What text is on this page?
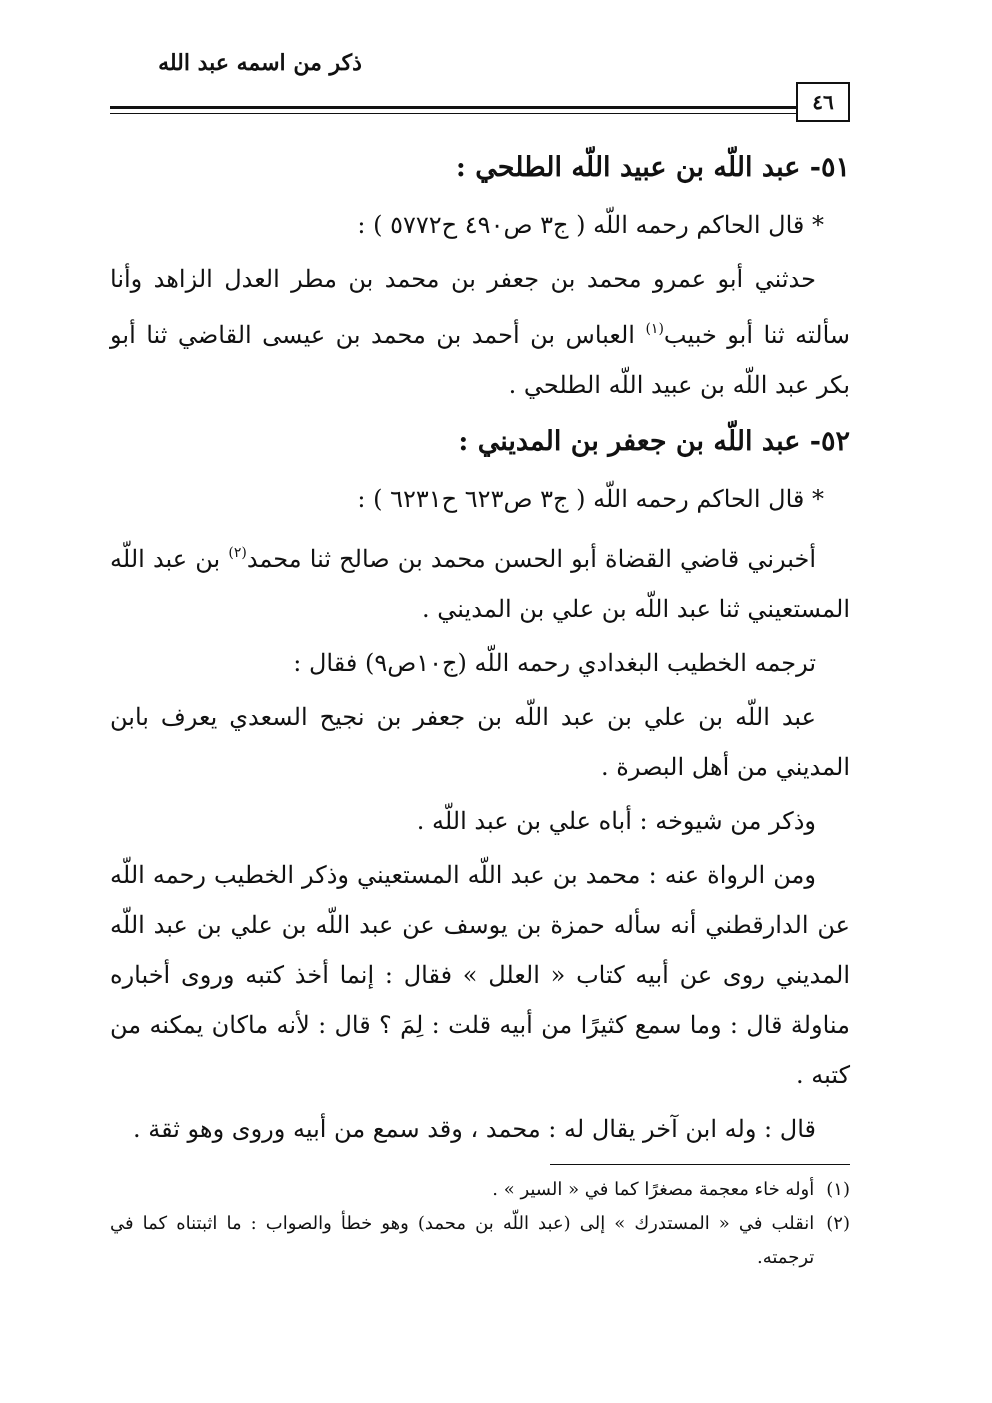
٤٦
ذكر من اسمه عبد الله
٥١- عبد اللّه بن عبيد اللّه الطلحي :

* قال الحاكم رحمه اللّه ( ج٣ ص٤٩٠ ح٥٧٧٢ ) :

حدثني أبو عمرو محمد بن جعفر بن محمد بن مطر العدل الزاهد وأنا سألته ثنا أبو خبيب$^{(١)}$ العباس بن أحمد بن محمد بن عيسى القاضي ثنا أبو بكر عبد اللّه بن عبيد اللّه الطلحي .

٥٢- عبد اللّه بن جعفر بن المديني :

* قال الحاكم رحمه اللّه ( ج٣ ص٦٢٣ ح٦٢٣١ ) :

أخبرني قاضي القضاة أبو الحسن محمد بن صالح ثنا محمد$^{(٢)}$ بن عبد اللّه المستعيني ثنا عبد اللّه بن علي بن المديني .

ترجمه الخطيب البغدادي رحمه اللّه (ج١٠ص٩) فقال :

عبد اللّه بن علي بن عبد اللّه بن جعفر بن نجيح السعدي يعرف بابن المديني من أهل البصرة .

وذكر من شيوخه : أباه علي بن عبد اللّه .

ومن الرواة عنه : محمد بن عبد اللّه المستعيني وذكر الخطيب رحمه اللّه عن الدارقطني أنه سأله حمزة بن يوسف عن عبد اللّه بن علي بن عبد اللّه المديني روى عن أبيه كتاب « العلل » فقال : إنما أخذ كتبه وروى أخباره مناولة قال : وما سمع كثيرًا من أبيه قلت : لِمَ ؟ قال : لأنه ماكان يمكنه من كتبه .

قال : وله ابن آخر يقال له : محمد ، وقد سمع من أبيه وروى وهو ثقة .

(١)
أوله خاء معجمة مصغرًا كما في « السير » .

(٢)
انقلب في « المستدرك » إلى (عبد اللّه بن محمد) وهو خطأ والصواب : ما اثبتناه كما في ترجمته.
